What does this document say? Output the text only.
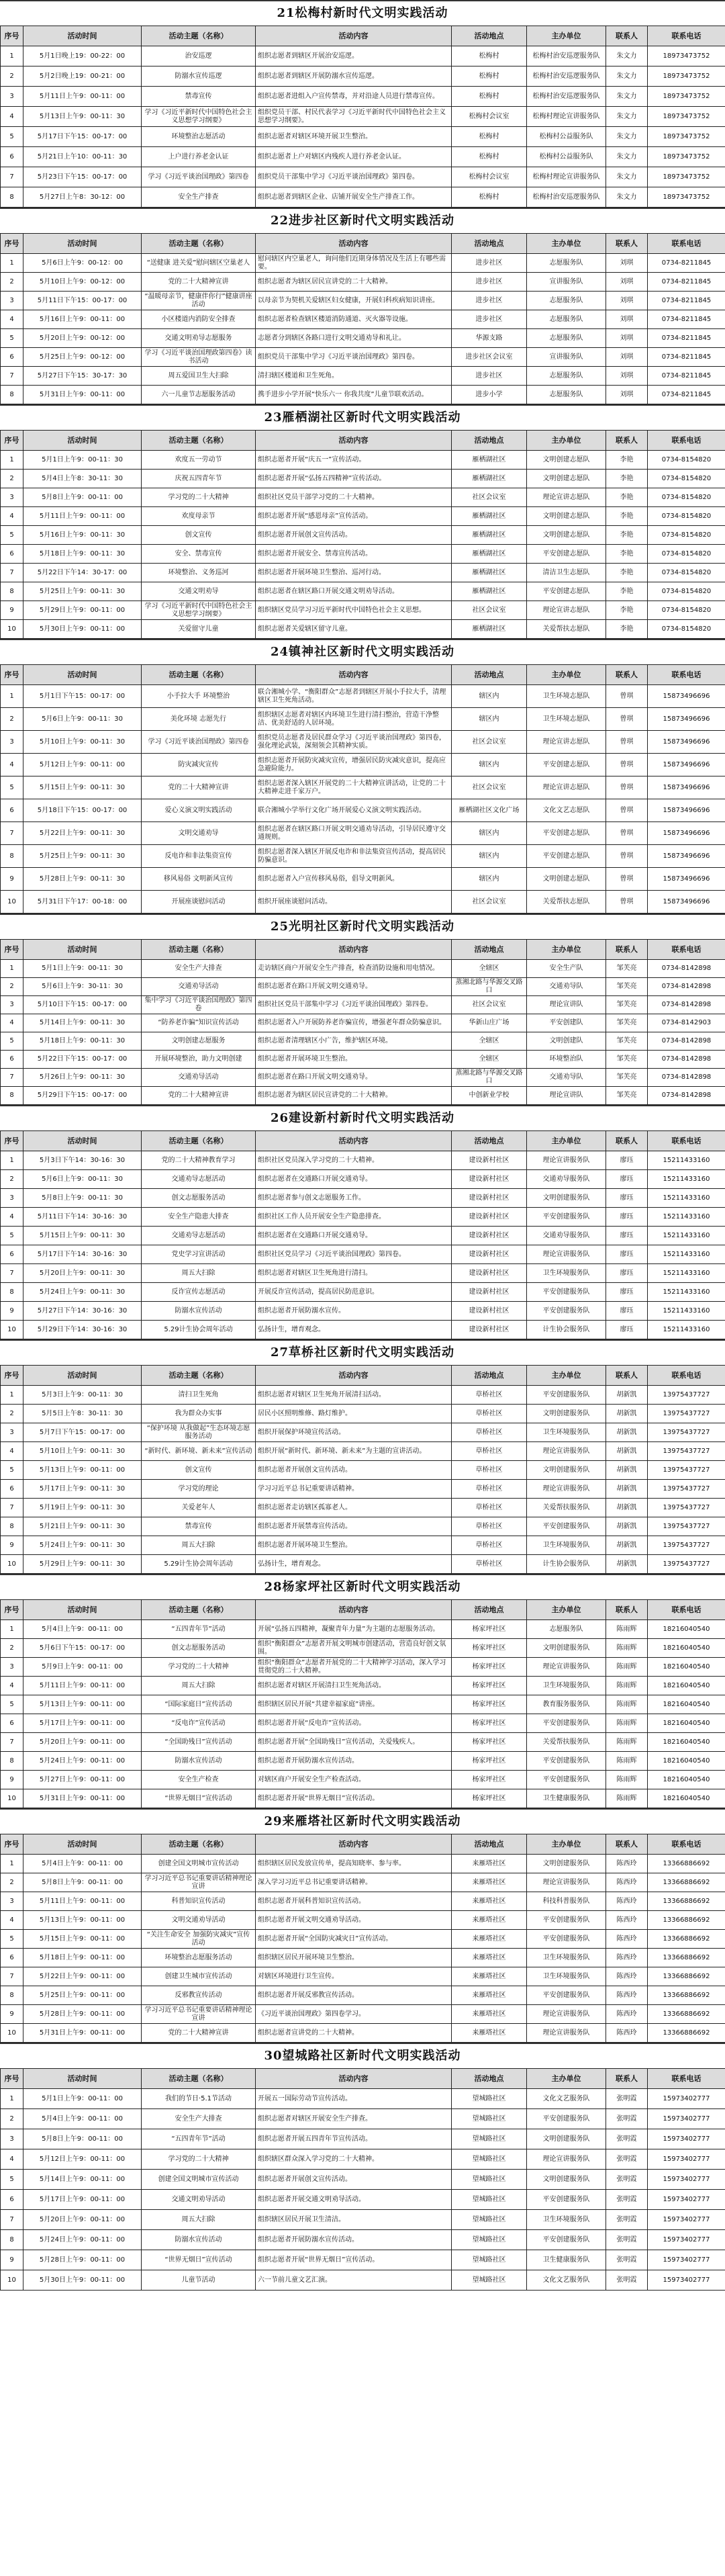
21松梅村新时代文明实践活动
序号	活动时间	活动主题（名称）	活动内容	活动地点	主办单位	联系人	联系电话
1	5月1日晚上19：00-22：00	治安巡逻	组织志愿者到辖区开展治安巡逻。	松梅村	松梅村治安巡逻服务队	朱文力	18973473752
2	5月2日晚上19：00-21：00	防溺水宣传巡逻	组织志愿者到辖区开展防溺水宣传巡逻。	松梅村	松梅村治安巡逻服务队	朱文力	18973473752
3	5月11日上午9：00-11：00	禁毒宣传	组织志愿者进组入户宣传禁毒，并对沿途人员进行禁毒宣传。	松梅村	松梅村治安巡逻服务队	朱文力	18973473752
4	5月13日上午9：00-11：30	学习《习近平新时代中国特色社会主义思想学习纲要》	组织党员干部、村民代表学习《习近平新时代中国特色社会主义思想学习纲要》。	松梅村会议室	松梅村理论宣讲服务队	朱文力	18973473752
5	5月17日下午15：00-17：00	环境整治志愿活动	组织志愿者对辖区环境开展卫生整治。	松梅村	松梅村公益服务队	朱文力	18973473752
6	5月21日上午10：00-11：30	上户进行养老金认证	组织志愿者上户对辖区内残疾人进行养老金认证。	松梅村	松梅村公益服务队	朱文力	18973473752
7	5月23日下午15：00-17：00	学习《习近平谈治国理政》第四卷	组织党员干部集中学习《习近平谈治国理政》第四卷。	松梅村会议室	松梅村理论宣讲服务队	朱文力	18973473752
8	5月27日上午8：30-12：00	安全生产排查	组织志愿者到辖区企业、店铺开展安全生产排查工作。	松梅村	松梅村治安巡逻服务队	朱文力	18973473752
22进步社区新时代文明实践活动
序号	活动时间	活动主题（名称）	活动内容	活动地点	主办单位	联系人	联系电话
1	5月6日上午9：00-12：00	“送健康 进关爱”慰问辖区空巢老人	慰问辖区内空巢老人，询问他们近期身体情况及生活上有哪些需要。	进步社区	志愿服务队	刘琪	0734-8211845
2	5月10日上午9：00-12：00	党的二十大精神宣讲	组织志愿者为辖区居民宣讲党的二十大精神。	进步社区	宣讲服务队	刘琪	0734-8211845
3	5月11日下午15：00-17：00	“温暖母亲节，健康伴你行”健康讲座活动	以母亲节为契机关爱辖区妇女健康，开展妇科疾病知识讲座。	进步社区	志愿服务队	刘琪	0734-8211845
4	5月16日上午9：00-11：00	小区楼道内消防安全排查	组织志愿者检查辖区楼道消防通道、灭火器等设施。	进步社区	志愿服务队	刘琪	0734-8211845
5	5月20日上午9：00-12：00	交通文明劝导志愿服务	志愿者分到辖区各路口进行文明交通劝导和礼让。	华源支路	志愿服务队	刘琪	0734-8211845
6	5月25日上午9：00-12：00	学习《习近平谈治国理政第四卷》读书活动	组织党员干部集中学习《习近平谈治国理政》第四卷。	进步社区会议室	宣讲服务队	刘琪	0734-8211845
7	5月27日下午15：30-17：30	周五爱国卫生大扫除	清扫辖区楼道和卫生死角。	进步社区	志愿服务队	刘琪	0734-8211845
8	5月31日上午9：00-11：00	六一儿童节志愿服务活动	携手进步小学开展“快乐六一 你我共度”儿童节联欢活动。	进步小学	志愿服务队	刘琪	0734-8211845
23雁栖湖社区新时代文明实践活动
序号	活动时间	活动主题（名称）	活动内容	活动地点	主办单位	联系人	联系电话
1	5月1日上午9：00-11：30	欢度五一劳动节	组织志愿者开展“庆五一”宣传活动。	雁栖湖社区	文明创建志愿队	李艳	0734-8154820
2	5月4日上午8：30-11：30	庆祝五四青年节	组织志愿者开展“弘扬五四精神”宣传活动。	雁栖湖社区	文明创建志愿队	李艳	0734-8154820
3	5月8日上午9：00-11：00	学习党的二十大精神	组织社区党员干部学习党的二十大精神。	社区会议室	理论宣讲志愿队	李艳	0734-8154820
4	5月11日上午9：00-11：00	欢度母亲节	组织志愿者开展“感恩母亲”宣传活动。	雁栖湖社区	文明创建志愿队	李艳	0734-8154820
5	5月16日上午9：00-11：30	创文宣传	组织志愿者开展创文宣传活动。	雁栖湖社区	文明创建志愿队	李艳	0734-8154820
6	5月18日上午9：00-11：30	安全、禁毒宣传	组织志愿者开展安全、禁毒宣传活动。	雁栖湖社区	平安创建志愿队	李艳	0734-8154820
7	5月22日下午14：30-17：00	环境整治、义务巡河	组织志愿者开展环境卫生整治、巡河行动。	雁栖湖社区	清洁卫生志愿队	李艳	0734-8154820
8	5月25日上午9：00-11：30	交通文明劝导	组织志愿者在辖区路口开展交通文明劝导活动。	雁栖湖社区	平安创建志愿队	李艳	0734-8154820
9	5月29日上午9：00-11：00	学习《习近平新时代中国特色社会主义思想学习纲要》	组织辖区党员学习习近平新时代中国特色社会主义思想。	社区会议室	理论宣讲志愿队	李艳	0734-8154820
10	5月30日上午9：00-11：00	关爱留守儿童	组织志愿者关爱辖区留守儿童。	雁栖湖社区	关爱帮扶志愿队	李艳	0734-8154820
24镇神社区新时代文明实践活动
序号	活动时间	活动主题（名称）	活动内容	活动地点	主办单位	联系人	联系电话
1	5月1日下午15：00-17：00	小手拉大手 环境整治	联合湘城小学、“衡阳群众”志愿者到辖区开展小手拉大手，清理辖区卫生死角活动。	辖区内	卫生环境志愿队	曾琪	15873496696
2	5月6日上午9：00-11：30	美化环境 志愿先行	组织辖区志愿者对辖区内环境卫生进行清扫整治，营造干净整洁、优美舒适的人居环境。	辖区内	卫生环境志愿队	曾琪	15873496696
3	5月10日上午9：00-11：30	学习《习近平谈治国理政》第四卷	组织党员志愿者及居民群众学习《习近平谈治国理政》第四卷，强化理论武装，深刻领会其精神实质。	社区会议室	理论宣讲志愿队	曾琪	15873496696
4	5月12日上午9：00-11：00	防灾减灾宣传	组织志愿者开展防灾减灾宣传，增强居民防灾减灾意识，提高应急避险能力。	辖区内	平安创建志愿队	曾琪	15873496696
5	5月15日上午9：00-11：30	党的二十大精神宣讲	组织志愿者深入辖区开展党的二十大精神宣讲活动，让党的二十大精神走进千家万户。	社区会议室	理论宣讲志愿队	曾琪	15873496696
6	5月18日下午15：00-17：00	爱心义演文明实践活动	联合湘城小学举行文化广场开展爱心义演文明实践活动。	雁栖湖社区文化广场	文化文艺志愿队	曾琪	15873496696
7	5月22日上午9：00-11：30	文明交通劝导	组织志愿者在辖区路口开展文明交通劝导活动，引导居民遵守交通规则。	辖区内	平安创建志愿队	曾琪	15873496696
8	5月25日上午9：00-11：30	反电诈和非法集资宣传	组织志愿者深入辖区开展反电诈和非法集资宣传活动，提高居民防骗意识。	辖区内	平安创建志愿队	曾琪	15873496696
9	5月28日上午9：00-11：30	移风易俗 文明新风宣传	组织志愿者入户宣传移风易俗，倡导文明新风。	辖区内	文明创建志愿队	曾琪	15873496696
10	5月31日下午17：00-18：00	开展座谈慰问活动	组织开展座谈慰问活动。	社区会议室	关爱帮扶志愿队	曾琪	15873496696
25光明社区新时代文明实践活动
序号	活动时间	活动主题（名称）	活动内容	活动地点	主办单位	联系人	联系电话
1	5月1日上午9：00-11：30	安全生产大排查	走访辖区商户开展安全生产排查，检查消防设施和用电情况。	全辖区	安全生产队	邹芙亮	0734-8142898
2	5月6日上午9：30-11：30	交通劝导活动	组织志愿者在路口开展文明交通劝导。	蒸湘北路与华源交叉路口	交通劝导队	邹芙亮	0734-8142898
3	5月10日下午15：00-17：00	集中学习《习近平谈治国理政》第四卷	组织社区党员干部集中学习《习近平谈治国理政》第四卷。	社区会议室	理论宣讲队	邹芙亮	0734-8142898
4	5月14日上午9：00-11：30	“防养老诈骗”知识宣传活动	组织志愿者入户开展防养老诈骗宣传，增强老年群众防骗意识。	华新山庄广场	平安创建队	邹芙亮	0734-8142903
5	5月18日上午9：00-11：30	文明创建志愿服务	组织志愿者清理辖区小广告，维护辖区环境。	全辖区	文明创建队	邹芙亮	0734-8142898
6	5月22日下午15：00-17：00	开展环境整治，助力文明创建	组织志愿者开展环境卫生整治。	全辖区	环境整治队	邹芙亮	0734-8142898
7	5月26日上午9：00-11：30	交通劝导活动	组织志愿者在路口开展文明交通劝导。	蒸湘北路与华源交叉路口	交通劝导队	邹芙亮	0734-8142898
8	5月29日下午15：00-17：00	党的二十大精神宣讲	组织志愿者为辖区居民宣讲党的二十大精神。	中创新业学校	理论宣讲队	邹芙亮	0734-8142898
26建设新村新时代文明实践活动
序号	活动时间	活动主题（名称）	活动内容	活动地点	主办单位	联系人	联系电话
1	5月3日下午14：30-16：30	党的二十大精神教育学习	组织社区党员深入学习党的二十大精神。	建设新村社区	理论宣讲服务队	廖珏	15211433160
2	5月6日上午9：00-11：30	交通劝导志愿活动	组织志愿者在交通路口开展交通劝导。	建设新村社区	交通劝导服务队	廖珏	15211433160
3	5月8日上午9：00-11：30	创文志愿服务活动	组织志愿者参与创文志愿服务工作。	建设新村社区	文明创建服务队	廖珏	15211433160
4	5月11日下午14：30-16：30	安全生产隐患大排查	组织社区工作人员开展安全生产隐患排查。	建设新村社区	平安创建服务队	廖珏	15211433160
5	5月15日上午9：00-11：30	交通劝导志愿活动	组织志愿者在交通路口开展交通劝导。	建设新村社区	交通劝导服务队	廖珏	15211433160
6	5月17日下午14：30-16：30	党史学习宣讲活动	组织社区党员学习《习近平谈治国理政》第四卷。	建设新村社区	理论宣讲服务队	廖珏	15211433160
7	5月20日上午9：00-11：30	周五大扫除	组织志愿者对辖区卫生死角进行清扫。	建设新村社区	卫生环境服务队	廖珏	15211433160
8	5月24日上午9：00-11：30	反诈宣传志愿活动	开展反诈宣传活动，提高居民防范意识。	建设新村社区	平安创建服务队	廖珏	15211433160
9	5月27日下午14：30-16：30	防溺水宣传活动	组织志愿者开展防溺水宣传。	建设新村社区	平安创建服务队	廖珏	15211433160
10	5月29日下午14：30-16：30	5.29计生协会周年活动	弘扬计生，增育观念。	建设新村社区	计生协会服务队	廖珏	15211433160
27草桥社区新时代文明实践活动
序号	活动时间	活动主题（名称）	活动内容	活动地点	主办单位	联系人	联系电话
1	5月3日上午9：00-11：30	清扫卫生死角	组织志愿者对辖区卫生死角开展清扫活动。	草桥社区	平安创建服务队	胡新凯	13975437727
2	5月5日上午8：30-11：30	我为群众办实事	居民小区照明维修、路灯维护。	草桥社区	文明创建服务队	胡新凯	13975437727
3	5月7日下午15：00-17：00	“保护环境 从我做起”生态环境志愿服务活动	组织开展保护环境宣传活动。	草桥社区	卫生环境服务队	胡新凯	13975437727
4	5月10日上午9：00-11：30	“新时代、新环境、新未来”宣传活动	组织开展“新时代、新环境、新未来”为主题的宣讲活动。	草桥社区	理论宣讲服务队	胡新凯	13975437727
5	5月13日上午9：00-11：00	创文宣传	组织志愿者开展创文宣传活动。	草桥社区	文明创建服务队	胡新凯	13975437727
6	5月17日上午9：00-11：30	学习党的理论	学习习近平总书记重要讲话精神。	草桥社区	理论宣讲服务队	胡新凯	13975437727
7	5月19日上午9：00-11：30	关爱老年人	组织志愿者走访辖区孤寡老人。	草桥社区	关爱帮扶服务队	胡新凯	13975437727
8	5月21日上午9：00-11：30	禁毒宣传	组织志愿者开展禁毒宣传活动。	草桥社区	平安创建服务队	胡新凯	13975437727
9	5月24日上午9：00-11：30	周五大扫除	组织志愿者开展环境卫生整治。	草桥社区	卫生环境服务队	胡新凯	13975437727
10	5月29日上午9：00-11：30	5.29计生协会周年活动	弘扬计生，增育观念。	草桥社区	计生协会服务队	胡新凯	13975437727
28杨家坪社区新时代文明实践活动
序号	活动时间	活动主题（名称）	活动内容	活动地点	主办单位	联系人	联系电话
1	5月4日上午9：00-11：00	“五四青年节”活动	开展“弘扬五四精神，凝聚青年力量”为主题的志愿服务活动。	杨家坪社区	志愿服务队	陈雨辉	18216040540
2	5月6日下午15：00-17：00	创文志愿服务活动	组织“衡阳群众”志愿者开展文明城市创建活动，营造良好创文氛围。	杨家坪社区	文明创建服务队	陈雨辉	18216040540
3	5月9日上午9：00-11：00	学习党的二十大精神	组织“衡阳群众”志愿者开展党的二十大精神学习活动，深入学习贯彻党的二十大精神。	杨家坪社区	理论宣讲服务队	陈雨辉	18216040540
4	5月11日上午9：00-11：00	周五大扫除	组织志愿者对辖区开展清扫卫生死角活动。	杨家坪社区	卫生环境服务队	陈雨辉	18216040540
5	5月13日上午9：00-11：00	“国际家庭日”宣传活动	组织辖区居民开展“共建幸福家庭”讲座。	杨家坪社区	教育服务服务队	陈雨辉	18216040540
6	5月17日上午9：00-11：00	“反电诈”宣传活动	组织志愿者开展“反电诈”宣传活动。	杨家坪社区	平安创建服务队	陈雨辉	18216040540
7	5月20日上午9：00-11：00	“全国助残日”宣传活动	组织志愿者开展“全国助残日”宣传活动，关爱残疾人。	杨家坪社区	关爱帮扶服务队	陈雨辉	18216040540
8	5月24日上午9：00-11：00	防溺水宣传活动	组织志愿者开展防溺水宣传活动。	杨家坪社区	平安创建服务队	陈雨辉	18216040540
9	5月27日上午9：00-11：00	安全生产检查	对辖区商户开展安全生产检查活动。	杨家坪社区	平安创建服务队	陈雨辉	18216040540
10	5月31日上午9：00-11：00	“世界无烟日”宣传活动	组织志愿者开展“世界无烟日”宣传活动。	杨家坪社区	卫生健康服务队	陈雨辉	18216040540
29来雁塔社区新时代文明实践活动
序号	活动时间	活动主题（名称）	活动内容	活动地点	主办单位	联系人	联系电话
1	5月4日上午9：00-11：00	创建全国文明城市宣传活动	组织辖区居民发放宣传单，提高知晓率、参与率。	来雁塔社区	文明创建服务队	陈西玲	13366886692
2	5月8日上午9：00-11：00	学习习近平总书记重要讲话精神理论宣讲	深入学习习近平总书记重要讲话精神。	来雁塔社区	理论宣讲服务队	陈西玲	13366886692
3	5月11日上午9：00-11：00	科普知识宣传活动	组织志愿者开展科普知识宣传活动。	来雁塔社区	科技科普服务队	陈西玲	13366886692
4	5月13日上午9：00-11：00	文明交通劝导活动	组织志愿者开展文明交通劝导活动。	来雁塔社区	平安创建服务队	陈西玲	13366886692
5	5月15日上午9：00-11：00	“关注生命安全 加强防灾减灾”宣传活动	组织志愿者开展“全国防灾减灾日”宣传活动。	来雁塔社区	平安创建服务队	陈西玲	13366886692
6	5月18日上午9：00-11：00	环境整治志愿服务活动	组织辖区居民开展环境卫生整治。	来雁塔社区	卫生环境服务队	陈西玲	13366886692
7	5月22日上午9：00-11：00	创建卫生城市宣传活动	对辖区环境进行卫生宣传。	来雁塔社区	卫生环境服务队	陈西玲	13366886692
8	5月25日上午9：00-11：00	反邪教宣传活动	组织志愿者开展反邪教宣传活动。	来雁塔社区	平安创建服务队	陈西玲	13366886692
9	5月28日上午9：00-11：00	学习习近平总书记重要讲话精神理论宣讲	《习近平谈治国理政》第四卷学习。	来雁塔社区	理论宣讲服务队	陈西玲	13366886692
10	5月31日上午9：00-11：00	党的二十大精神宣讲	组织志愿者宣讲党的二十大精神。	来雁塔社区	理论宣讲服务队	陈西玲	13366886692
30望城路社区新时代文明实践活动
序号	活动时间	活动主题（名称）	活动内容	活动地点	主办单位	联系人	联系电话
1	5月1日上午9：00-11：00	我们的节日·5.1节活动	开展五一国际劳动节宣传活动。	望城路社区	文化文艺服务队	张明霞	15973402777
2	5月4日上午9：00-11：00	安全生产大排查	组织志愿者对辖区开展安全生产排查。	望城路社区	平安创建服务队	张明霞	15973402777
3	5月8日上午9：00-11：00	“五四青年节”活动	组织志愿者开展五四青年节宣传活动。	望城路社区	文明创建服务队	张明霞	15973402777
4	5月12日上午9：00-11：00	学习党的二十大精神	组织辖区群众深入学习党的二十大精神。	望城路社区	理论宣讲服务队	张明霞	15973402777
5	5月14日上午9：00-11：00	创建全国文明城市宣传活动	组织志愿者开展创文宣传活动。	望城路社区	文明创建服务队	张明霞	15973402777
6	5月17日上午9：00-11：00	交通文明劝导活动	组织志愿者开展交通文明劝导活动。	望城路社区	平安创建服务队	张明霞	15973402777
7	5月20日上午9：00-11：00	周五大扫除	组织辖区居民开展卫生清洁。	望城路社区	卫生环境服务队	张明霞	15973402777
8	5月24日上午9：00-11：00	防溺水宣传活动	组织志愿者开展防溺水宣传活动。	望城路社区	平安创建服务队	张明霞	15973402777
9	5月28日上午9：00-11：00	“世界无烟日”宣传活动	组织志愿者开展“世界无烟日”宣传活动。	望城路社区	卫生健康服务队	张明霞	15973402777
10	5月30日上午9：00-11：00	儿童节活动	六一节前儿童文艺汇演。	望城路社区	文化文艺服务队	张明霞	15973402777
